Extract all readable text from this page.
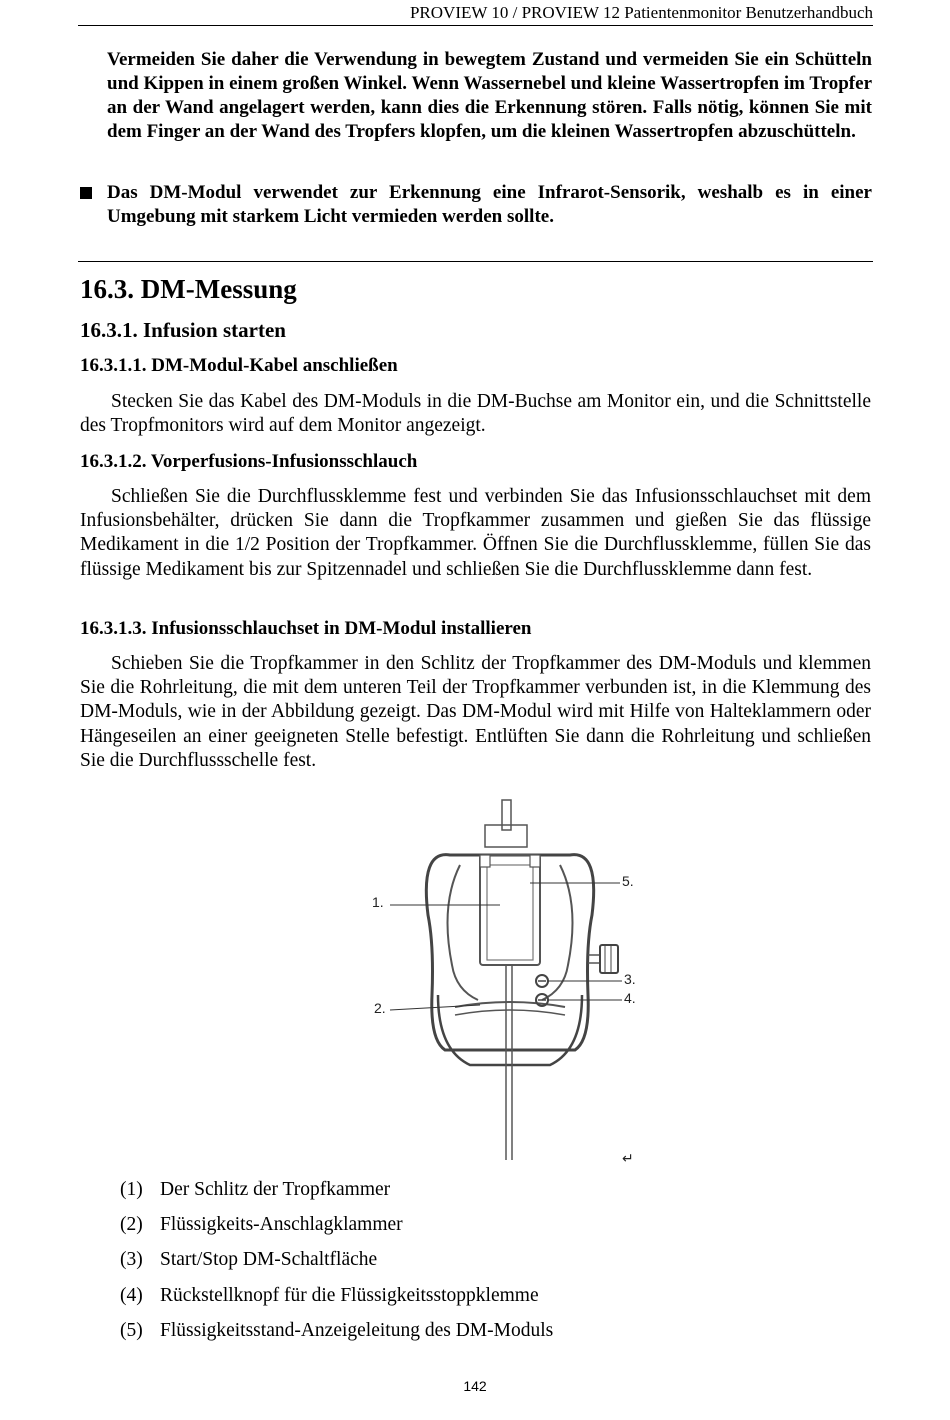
PROVIEW 10 / PROVIEW 12 Patientenmonitor Benutzerhandbuch

Vermeiden Sie daher die Verwendung in bewegtem Zustand und vermeiden Sie ein Schütteln und Kippen in einem großen Winkel. Wenn Wassernebel und kleine Wassertropfen im Tropfer an der Wand angelagert werden, kann dies die Erkennung stören. Falls nötig, können Sie mit dem Finger an der Wand des Tropfers klopfen, um die kleinen Wassertropfen abzuschütteln.

Das DM-Modul verwendet zur Erkennung eine Infrarot-Sensorik, weshalb es in einer Umgebung mit starkem Licht vermieden werden sollte.

16.3. DM-Messung
16.3.1. Infusion starten
16.3.1.1. DM-Modul-Kabel anschließen

Stecken Sie das Kabel des DM-Moduls in die DM-Buchse am Monitor ein, und die Schnittstelle des Tropfmonitors wird auf dem Monitor angezeigt.

16.3.1.2. Vorperfusions-Infusionsschlauch

Schließen Sie die Durchflussklemme fest und verbinden Sie das Infusionsschlauchset mit dem Infusionsbehälter, drücken Sie dann die Tropfkammer zusammen und gießen Sie das flüssige Medikament in die 1/2 Position der Tropfkammer. Öffnen Sie die Durchflussklemme, füllen Sie das flüssige Medikament bis zur Spitzennadel und schließen Sie die Durchflussklemme dann fest.

16.3.1.3. Infusionsschlauchset in DM-Modul installieren

Schieben Sie die Tropfkammer in den Schlitz der Tropfkammer des DM-Moduls und klemmen Sie die Rohrleitung, die mit dem unteren Teil der Tropfkammer verbunden ist, in die Klemmung des DM-Moduls, wie in der Abbildung gezeigt. Das DM-Modul wird mit Hilfe von Halteklammern oder Hängeseilen an einer geeigneten Stelle befestigt. Entlüften Sie dann die Rohrleitung und schließen Sie die Durchflussschelle fest.

1.
2.
3.
4.
5.
↵
(1) Der Schlitz der Tropfkammer
(2) Flüssigkeits-Anschlagklammer
(3) Start/Stop DM-Schaltfläche
(4) Rückstellknopf für die Flüssigkeitsstoppklemme
(5) Flüssigkeitsstand-Anzeigeleitung des DM-Moduls
142
